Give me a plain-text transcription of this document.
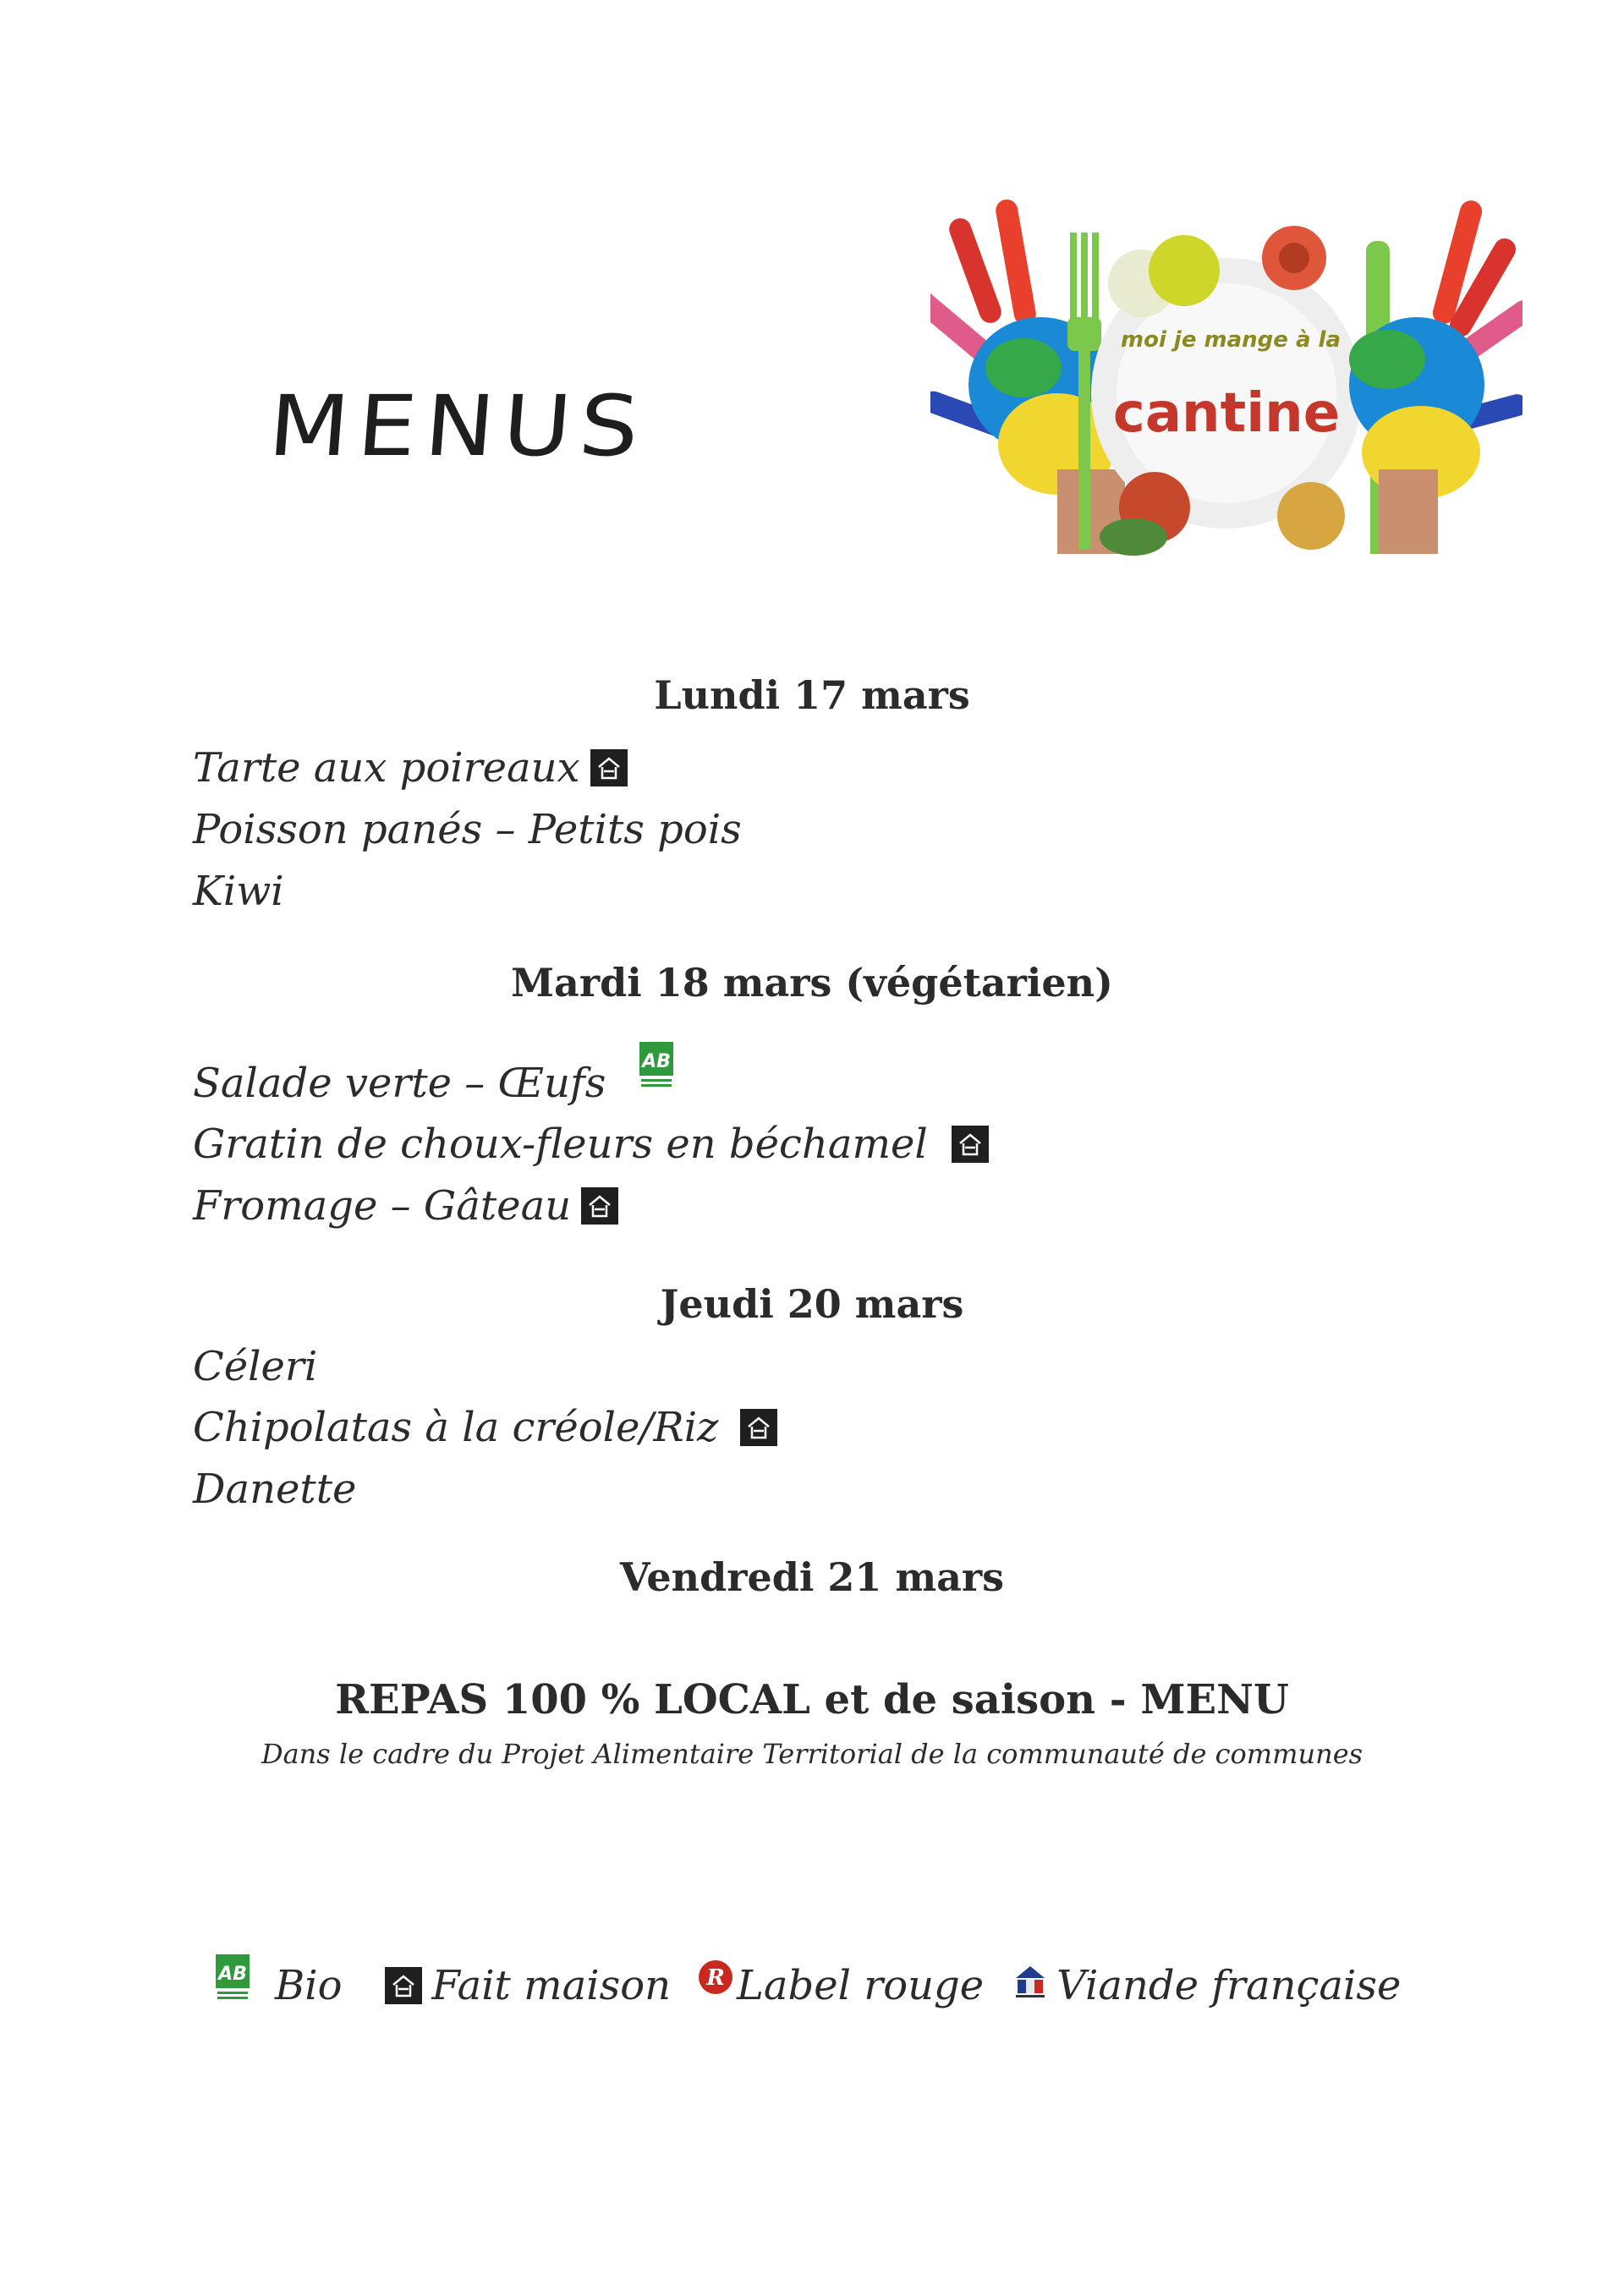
MENUS
moi je mange à la
cantine
Lundi 17 mars
Tarte aux poireaux
Poisson panés – Petits pois
Kiwi
Mardi 18 mars (végétarien)
Salade verte – Œufs AB
Gratin de choux-fleurs en béchamel
Fromage – Gâteau
Jeudi 20 mars
Céleri
Chipolatas à la créole/Riz
Danette
Vendredi 21 mars
REPAS 100 % LOCAL et de saison - MENU
Dans le cadre du Projet Alimentaire Territorial de la communauté de communes
AB Bio Fait maison R Label rouge Viande française
